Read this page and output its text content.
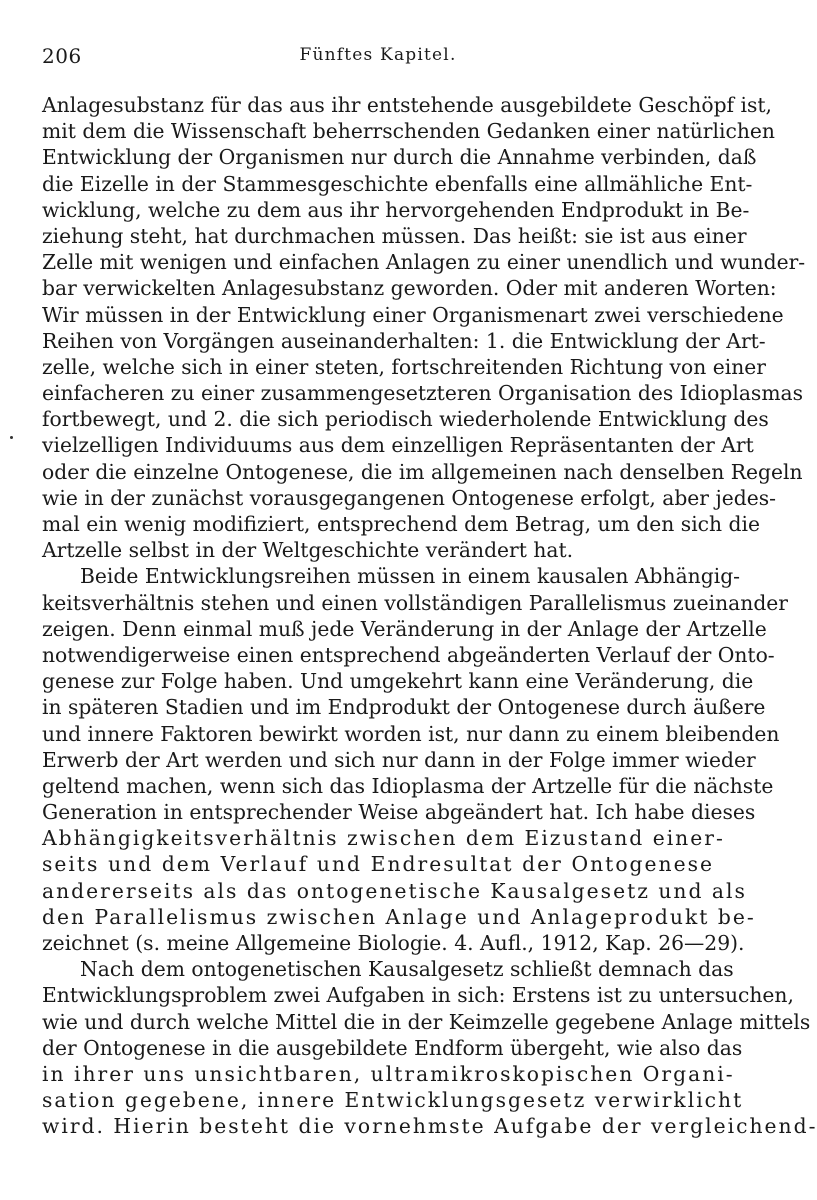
206	Fünftes Kapitel.
Anlagesubstanz für das aus ihr entstehende ausgebildete Geschöpf ist,
mit dem die Wissenschaft beherrschenden Gedanken einer natürlichen
Entwicklung der Organismen nur durch die Annahme verbinden, daß
die Eizelle in der Stammesgeschichte ebenfalls eine allmähliche Ent-
wicklung, welche zu dem aus ihr hervorgehenden Endprodukt in Be-
ziehung steht, hat durchmachen müssen. Das heißt: sie ist aus einer
Zelle mit wenigen und einfachen Anlagen zu einer unendlich und wunder-
bar verwickelten Anlagesubstanz geworden. Oder mit anderen Worten:
Wir müssen in der Entwicklung einer Organismenart zwei verschiedene
Reihen von Vorgängen auseinanderhalten: 1. die Entwicklung der Art-
zelle, welche sich in einer steten, fortschreitenden Richtung von einer
einfacheren zu einer zusammengesetzteren Organisation des Idioplasmas
fortbewegt, und 2. die sich periodisch wiederholende Entwicklung des
vielzelligen Individuums aus dem einzelligen Repräsentanten der Art
oder die einzelne Ontogenese, die im allgemeinen nach denselben Regeln
wie in der zunächst vorausgegangenen Ontogenese erfolgt, aber jedes-
mal ein wenig modifiziert, entsprechend dem Betrag, um den sich die
Artzelle selbst in der Weltgeschichte verändert hat.
Beide Entwicklungsreihen müssen in einem kausalen Abhängig-
keitsverhältnis stehen und einen vollständigen Parallelismus zueinander
zeigen. Denn einmal muß jede Veränderung in der Anlage der Artzelle
notwendigerweise einen entsprechend abgeänderten Verlauf der Onto-
genese zur Folge haben. Und umgekehrt kann eine Veränderung, die
in späteren Stadien und im Endprodukt der Ontogenese durch äußere
und innere Faktoren bewirkt worden ist, nur dann zu einem bleibenden
Erwerb der Art werden und sich nur dann in der Folge immer wieder
geltend machen, wenn sich das Idioplasma der Artzelle für die nächste
Generation in entsprechender Weise abgeändert hat. Ich habe dieses
Abhängigkeitsverhältnis zwischen dem Eizustand einer-
seits und dem Verlauf und Endresultat der Ontogenese
andererseits als das ontogenetische Kausalgesetz und als
den Parallelismus zwischen Anlage und Anlageprodukt be-
zeichnet (s. meine Allgemeine Biologie. 4. Aufl., 1912, Kap. 26—29).
Nach dem ontogenetischen Kausalgesetz schließt demnach das
Entwicklungsproblem zwei Aufgaben in sich: Erstens ist zu untersuchen,
wie und durch welche Mittel die in der Keimzelle gegebene Anlage mittels
der Ontogenese in die ausgebildete Endform übergeht, wie also das
in ihrer uns unsichtbaren, ultramikroskopischen Organi-
sation gegebene, innere Entwicklungsgesetz verwirklicht
wird. Hierin besteht die vornehmste Aufgabe der vergleichend-
